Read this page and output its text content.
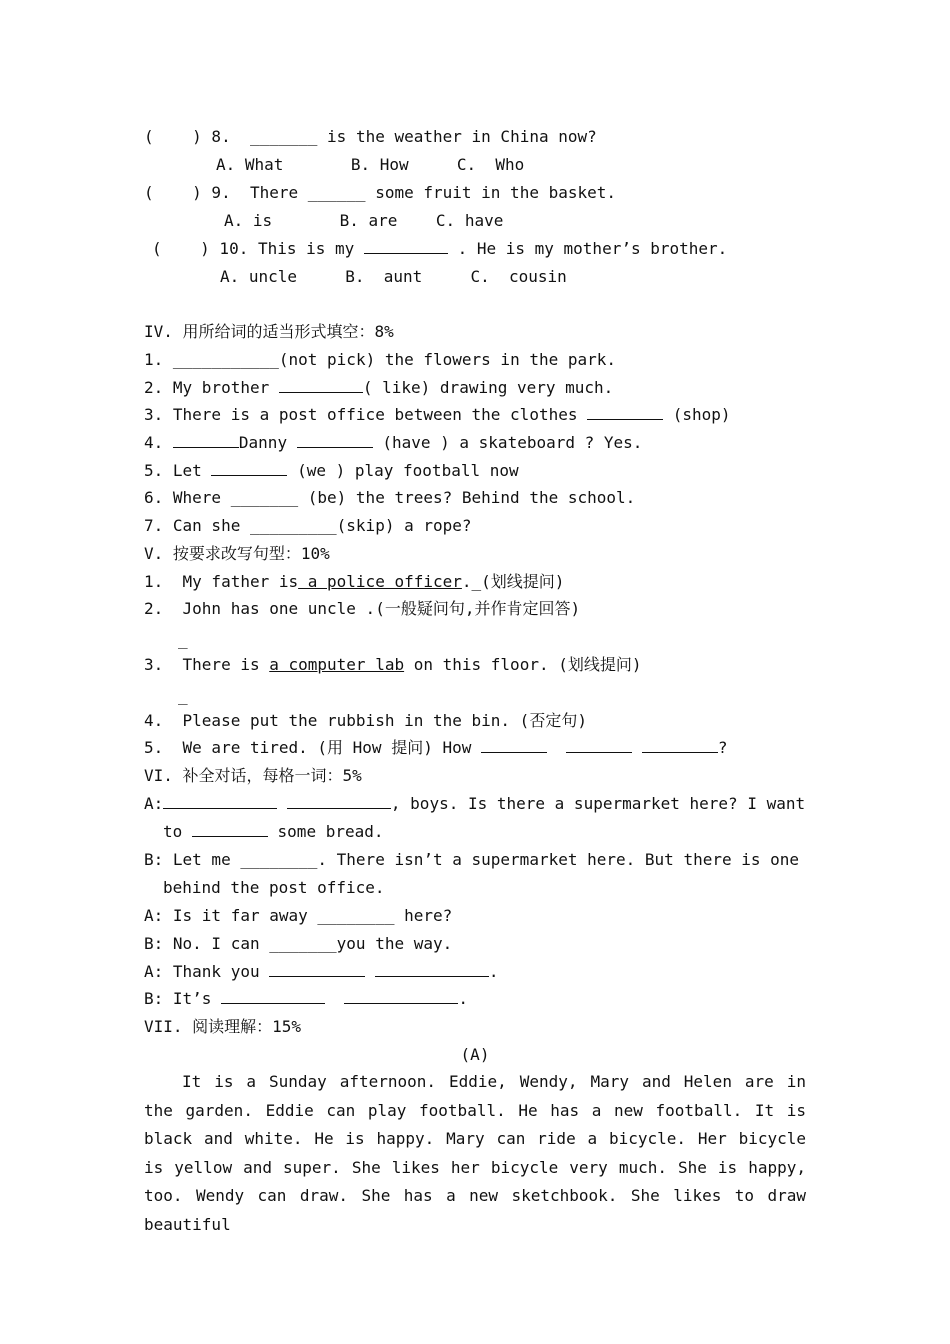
(    ) 8. _______ is the weather in China now?
A. What       B. How     C.  Who
(    ) 9. There ______ some fruit in the basket.
A. is       B. are    C. have
(    ) 10. This is my	. He is my mother’s brother.
A. uncle     B.  aunt     C.  cousin
IV. 用所给词的适当形式填空：8%
1. ___________(not pick) the flowers in the park.
2. My brother	( like) drawing very much.
3. There is a post office between the clothes	(shop)
4.	Danny	(have ) a skateboard ? Yes.
5. Let	(we ) play football now
6. Where _______ (be) the trees? Behind the school.
7. Can she _________(skip) a rope?
V. 按要求改写句型：10%
1.  My father is a police officer._(划线提问)
2.  John has one uncle .(一般疑问句,并作肯定回答)
_
3.  There is a computer lab on this floor. (划线提问)
_
4.  Please put the rubbish in the bin. (否定句)
5.  We are tired. (用 How 提问) How	?
VI. 补全对话，每格一词：5%
A:	, boys. Is there a supermarket here? I want
to	some bread.
B: Let me ________. There isn’t a supermarket here. But there is one
behind the post office.
A: Is it far away ________ here?
B: No. I can _______you the way.
A: Thank you	.
B: It’s	.
VII. 阅读理解：15%
(A)
It is a Sunday afternoon. Eddie, Wendy, Mary and Helen are in the garden. Eddie can play football. He has a new football. It is black and white. He is happy. Mary can ride a bicycle. Her bicycle is yellow and super. She likes her bicycle very much. She is happy, too. Wendy can draw. She has a new sketchbook. She likes to draw beautiful
